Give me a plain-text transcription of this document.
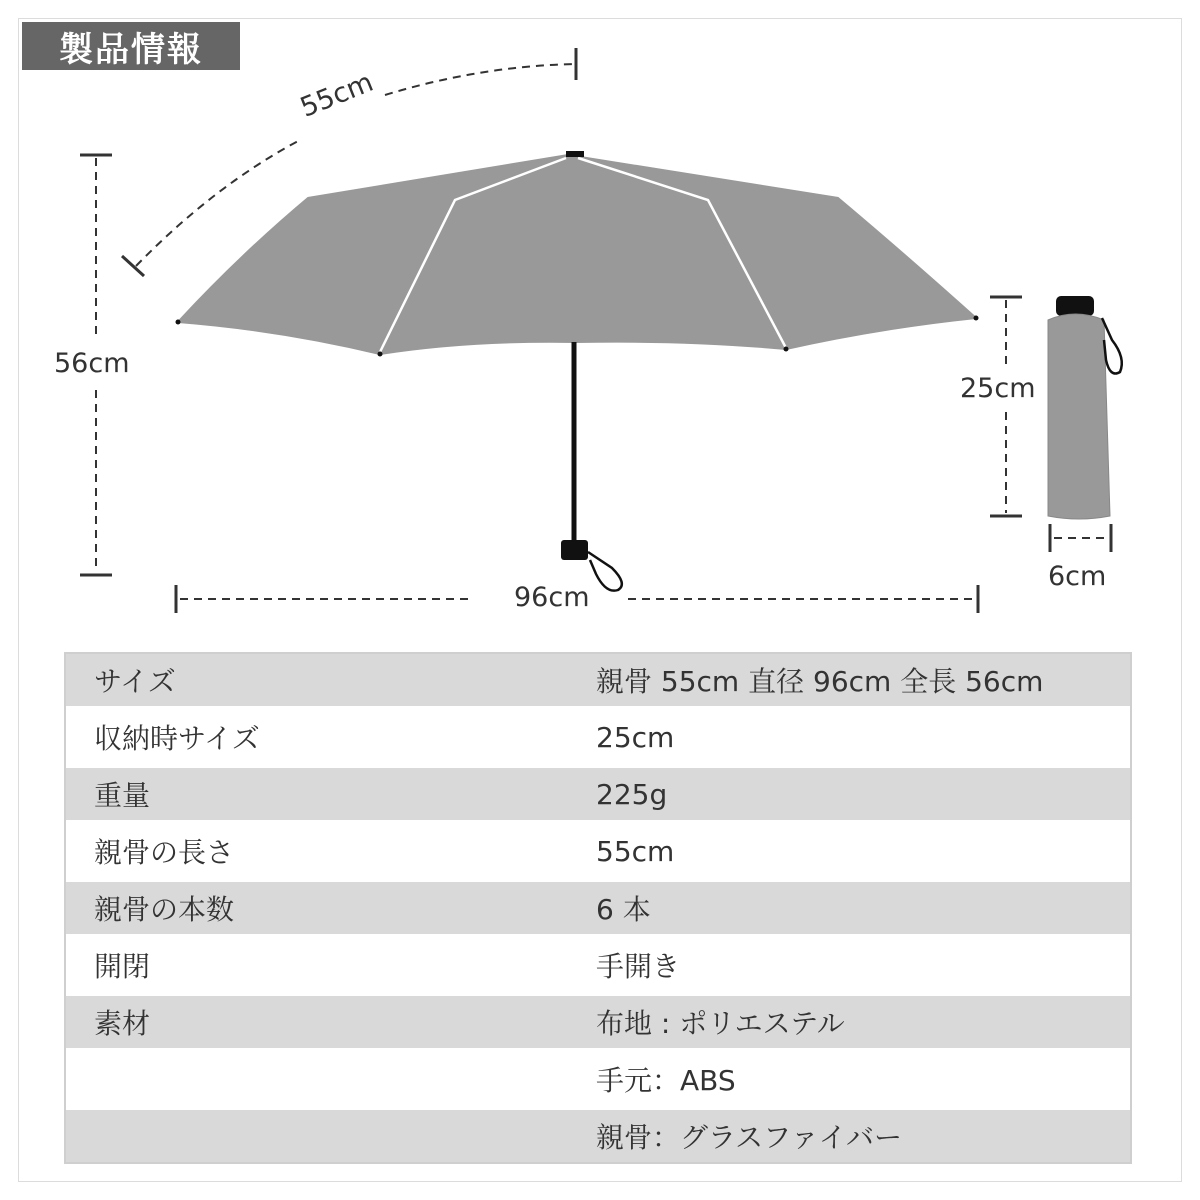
製品情報
55cm
56cm
96cm
25cm
6cm
サイズ	親骨 55cm 直径 96cm 全長 56cm
収納時サイズ	25cm
重量	225g
親骨の長さ	55cm
親骨の本数	6 本
開閉	手開き
素材	布地 : ポリエステル
手元：ABS
親骨：グラスファイバー
